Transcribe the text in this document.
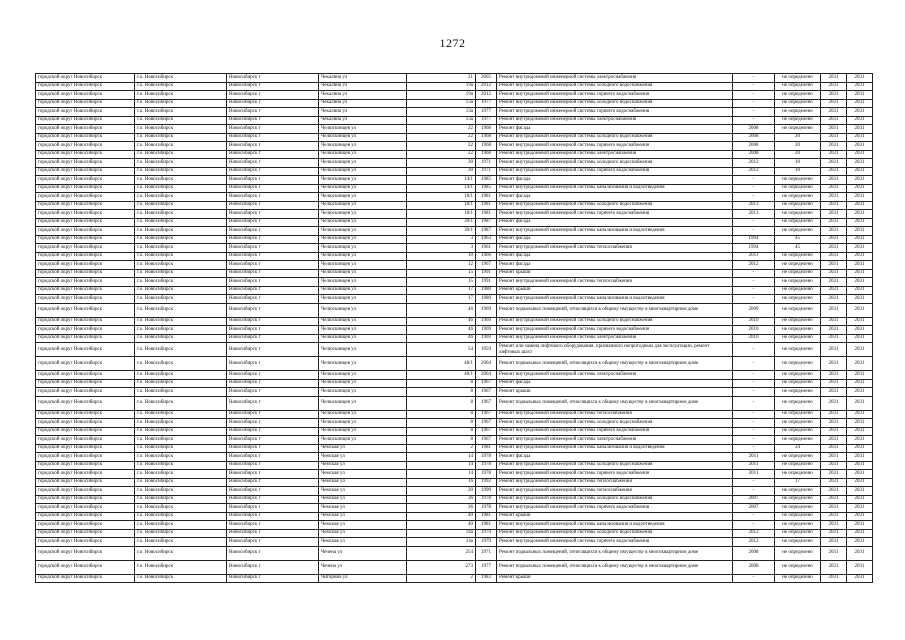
1272
городской округ Новосибирск	г.о. Новосибирск	Новосибирск г	Чекалина ул	21	2005	Ремонт внутридомовой инженерной системы электроснабжения	-	не определено	2031	2031
городской округ Новосибирск	г.о. Новосибирск	Новосибирск г	Чекалина ул	19а	2012	Ремонт внутридомовой инженерной системы холодного водоснабжения	-	не определено	2031	2031
городской округ Новосибирск	г.о. Новосибирск	Новосибирск г	Чекалина ул	19а	2012	Ремонт внутридомовой инженерной системы горячего водоснабжения	-	не определено	2031	2031
городской округ Новосибирск	г.о. Новосибирск	Новосибирск г	Чекалина ул	13а	1977	Ремонт внутридомовой инженерной системы холодного водоснабжения	-	не определено	2031	2031
городской округ Новосибирск	г.о. Новосибирск	Новосибирск г	Чекалина ул	13а	1977	Ремонт внутридомовой инженерной системы горячего водоснабжения	-	не определено	2031	2031
городской округ Новосибирск	г.о. Новосибирск	Новосибирск г	Чекалина ул	13а	1977	Ремонт внутридомовой инженерной системы электроснабжения	-	не определено	2031	2031
городской округ Новосибирск	г.о. Новосибирск	Новосибирск г	Челюскинцев ул	22	1968	Ремонт фасада	2008	не определено	2031	2031
городской округ Новосибирск	г.о. Новосибирск	Новосибирск г	Челюскинцев ул	22	1968	Ремонт внутридомовой инженерной системы холодного водоснабжения	2008	20	2031	2031
городской округ Новосибирск	г.о. Новосибирск	Новосибирск г	Челюскинцев ул	22	1968	Ремонт внутридомовой инженерной системы горячего водоснабжения	2008	20	2031	2031
городской округ Новосибирск	г.о. Новосибирск	Новосибирск г	Челюскинцев ул	22	1968	Ремонт внутридомовой инженерной системы электроснабжения	2008	20	2031	2031
городской округ Новосибирск	г.о. Новосибирск	Новосибирск г	Челюскинцев ул	30	1971	Ремонт внутридомовой инженерной системы холодного водоснабжения	2012	10	2031	2031
городской округ Новосибирск	г.о. Новосибирск	Новосибирск г	Челюскинцев ул	30	1971	Ремонт внутридомовой инженерной системы горячего водоснабжения	2012	10	2031	2031
городской округ Новосибирск	г.о. Новосибирск	Новосибирск г	Челюскинцев ул	14/1	1985	Ремонт фасада	-	не определено	2031	2031
городской округ Новосибирск	г.о. Новосибирск	Новосибирск г	Челюскинцев ул	14/1	1985	Ремонт внутридомовой инженерной системы канализования и водоотведения	-	не определено	2031	2031
городской округ Новосибирск	г.о. Новосибирск	Новосибирск г	Челюскинцев ул	18/1	1981	Ремонт фасада	-	не определено	2031	2031
городской округ Новосибирск	г.о. Новосибирск	Новосибирск г	Челюскинцев ул	18/1	1981	Ремонт внутридомовой инженерной системы холодного водоснабжения	2013	не определено	2031	2031
городской округ Новосибирск	г.о. Новосибирск	Новосибирск г	Челюскинцев ул	18/1	1981	Ремонт внутридомовой инженерной системы горячего водоснабжения	2013	не определено	2031	2031
городской округ Новосибирск	г.о. Новосибирск	Новосибирск г	Челюскинцев ул	30/1	1987	Ремонт фасада	-	не определено	2031	2031
городской округ Новосибирск	г.о. Новосибирск	Новосибирск г	Челюскинцев ул	30/1	1987	Ремонт внутридомовой инженерной системы канализования и водоотведения	-	не определено	2031	2031
городской округ Новосибирск	г.о. Новосибирск	Новосибирск г	Челюскинцев ул	3	1963	Ремонт фасада	1994	45	2031	2031
городской округ Новосибирск	г.о. Новосибирск	Новосибирск г	Челюскинцев ул	3	1961	Ремонт внутридомовой инженерной системы теплоснабжения	1994	45	2031	2031
городской округ Новосибирск	г.о. Новосибирск	Новосибирск г	Челюскинцев ул	10	1966	Ремонт фасада	2011	не определено	2031	2031
городской округ Новосибирск	г.о. Новосибирск	Новосибирск г	Челюскинцев ул	12	1967	Ремонт фасада	2012	не определено	2031	2031
городской округ Новосибирск	г.о. Новосибирск	Новосибирск г	Челюскинцев ул	15	1991	Ремонт крыши	-	не определено	2031	2031
городской округ Новосибирск	г.о. Новосибирск	Новосибирск г	Челюскинцев ул	15	1991	Ремонт внутридомовой инженерной системы теплоснабжения	-	не определено	2031	2031
городской округ Новосибирск	г.о. Новосибирск	Новосибирск г	Челюскинцев ул	17	1980	Ремонт крыши	-	не определено	2031	2031
городской округ Новосибирск	г.о. Новосибирск	Новосибирск г	Челюскинцев ул	17	1980	Ремонт внутридомовой инженерной системы канализования и водоотведения	-	не определено	2031	2031
городской округ Новосибирск	г.о. Новосибирск	Новосибирск г	Челюскинцев ул	46	1969	Ремонт подвальных помещений, относящихся к общему имуществу в многоквартирном доме	2009	не определено	2031	2031
городской округ Новосибирск	г.о. Новосибирск	Новосибирск г	Челюскинцев ул	46	1969	Ремонт внутридомовой инженерной системы холодного водоснабжения	2010	не определено	2031	2031
городской округ Новосибирск	г.о. Новосибирск	Новосибирск г	Челюскинцев ул	46	1969	Ремонт внутридомовой инженерной системы горячего водоснабжения	2010	не определено	2031	2031
городской округ Новосибирск	г.о. Новосибирск	Новосибирск г	Челюскинцев ул	46	1969	Ремонт внутридомовой инженерной системы электроснабжения	2010	не определено	2031	2031
городской округ Новосибирск	г.о. Новосибирск	Новосибирск г	Челюскинцев ул	54	1959	Ремонт или замена лифтового оборудования, признанного непригодным для эксплуатации, ремонт лифтовых шахт	-	не определено	2031	2031
городской округ Новосибирск	г.о. Новосибирск	Новосибирск г	Челюскинцев ул	48/1	2004	Ремонт подвальных помещений, относящихся к общему имуществу в многоквартирном доме	-	не определено	2031	2031
городской округ Новосибирск	г.о. Новосибирск	Новосибирск г	Челюскинцев ул	48/1	2004	Ремонт внутридомовой инженерной системы электроснабжения	-	не определено	2031	2031
городской округ Новосибирск	г.о. Новосибирск	Новосибирск г	Челюскинцев ул	8	1967	Ремонт фасада	-	не определено	2031	2031
городской округ Новосибирск	г.о. Новосибирск	Новосибирск г	Челюскинцев ул	8	1967	Ремонт крыши	-	не определено	2031	2031
городской округ Новосибирск	г.о. Новосибирск	Новосибирск г	Челюскинцев ул	8	1967	Ремонт подвальных помещений, относящихся к общему имуществу в многоквартирном доме	-	не определено	2031	2031
городской округ Новосибирск	г.о. Новосибирск	Новосибирск г	Челюскинцев ул	8	1967	Ремонт внутридомовой инженерной системы теплоснабжения	-	не определено	2031	2031
городской округ Новосибирск	г.о. Новосибирск	Новосибирск г	Челюскинцев ул	8	1967	Ремонт внутридомовой инженерной системы холодного водоснабжения	-	не определено	2031	2031
городской округ Новосибирск	г.о. Новосибирск	Новосибирск г	Челюскинцев ул	8	1967	Ремонт внутридомовой инженерной системы горячего водоснабжения	-	не определено	2031	2031
городской округ Новосибирск	г.о. Новосибирск	Новосибирск г	Челюскинцев ул	8	1967	Ремонт внутридомовой инженерной системы электроснабжения	-	не определено	2031	2031
городской округ Новосибирск	г.о. Новосибирск	Новосибирск г	Чемская ул	2	1981	Ремонт внутридомовой инженерной системы канализования и водоотведения	-	24	2031	2031
городской округ Новосибирск	г.о. Новосибирск	Новосибирск г	Чемская ул	14	1978	Ремонт фасада	2011	не определено	2031	2031
городской округ Новосибирск	г.о. Новосибирск	Новосибирск г	Чемская ул	14	1978	Ремонт внутридомовой инженерной системы холодного водоснабжения	2011	не определено	2031	2031
городской округ Новосибирск	г.о. Новосибирск	Новосибирск г	Чемская ул	14	1978	Ремонт внутридомовой инженерной системы горячего водоснабжения	2011	не определено	2031	2031
городской округ Новосибирск	г.о. Новосибирск	Новосибирск г	Чемская ул	16	1992	Ремонт внутридомовой инженерной системы теплоснабжения	-	17	2031	2031
городской округ Новосибирск	г.о. Новосибирск	Новосибирск г	Чемская ул	20	1990	Ремонт внутридомовой инженерной системы теплоснабжения	-	не определено	2031	2031
городской округ Новосибирск	г.о. Новосибирск	Новосибирск г	Чемская ул	36	1978	Ремонт внутридомовой инженерной системы холодного водоснабжения	2007	не определено	2031	2031
городской округ Новосибирск	г.о. Новосибирск	Новосибирск г	Чемская ул	36	1978	Ремонт внутридомовой инженерной системы горячего водоснабжения	2007	не определено	2031	2031
городской округ Новосибирск	г.о. Новосибирск	Новосибирск г	Чемская ул	40	1981	Ремонт крыши	-	не определено	2031	2031
городской округ Новосибирск	г.о. Новосибирск	Новосибирск г	Чемская ул	40	1981	Ремонт внутридомовой инженерной системы канализования и водоотведения	-	не определено	2031	2031
городской округ Новосибирск	г.о. Новосибирск	Новосибирск г	Чемская ул	14а	1979	Ремонт внутридомовой инженерной системы холодного водоснабжения	2012	не определено	2031	2031
городской округ Новосибирск	г.о. Новосибирск	Новосибирск г	Чемская ул	14а	1979	Ремонт внутридомовой инженерной системы горячего водоснабжения	2012	не определено	2031	2031
городской округ Новосибирск	г.о. Новосибирск	Новосибирск г	Чечена ул	254	1971	Ремонт подвальных помещений, относящихся к общему имуществу в многоквартирном доме	2008	не определено	2031	2031
городской округ Новосибирск	г.о. Новосибирск	Новосибирск г	Чечена ул	273	1977	Ремонт подвальных помещений, относящихся к общему имуществу в многоквартирном доме	2008	не определено	2031	2031
городской округ Новосибирск	г.о. Новосибирск	Новосибирск г	Чигорина ул	2	1983	Ремонт крыши	-	не определено	2031	2031
